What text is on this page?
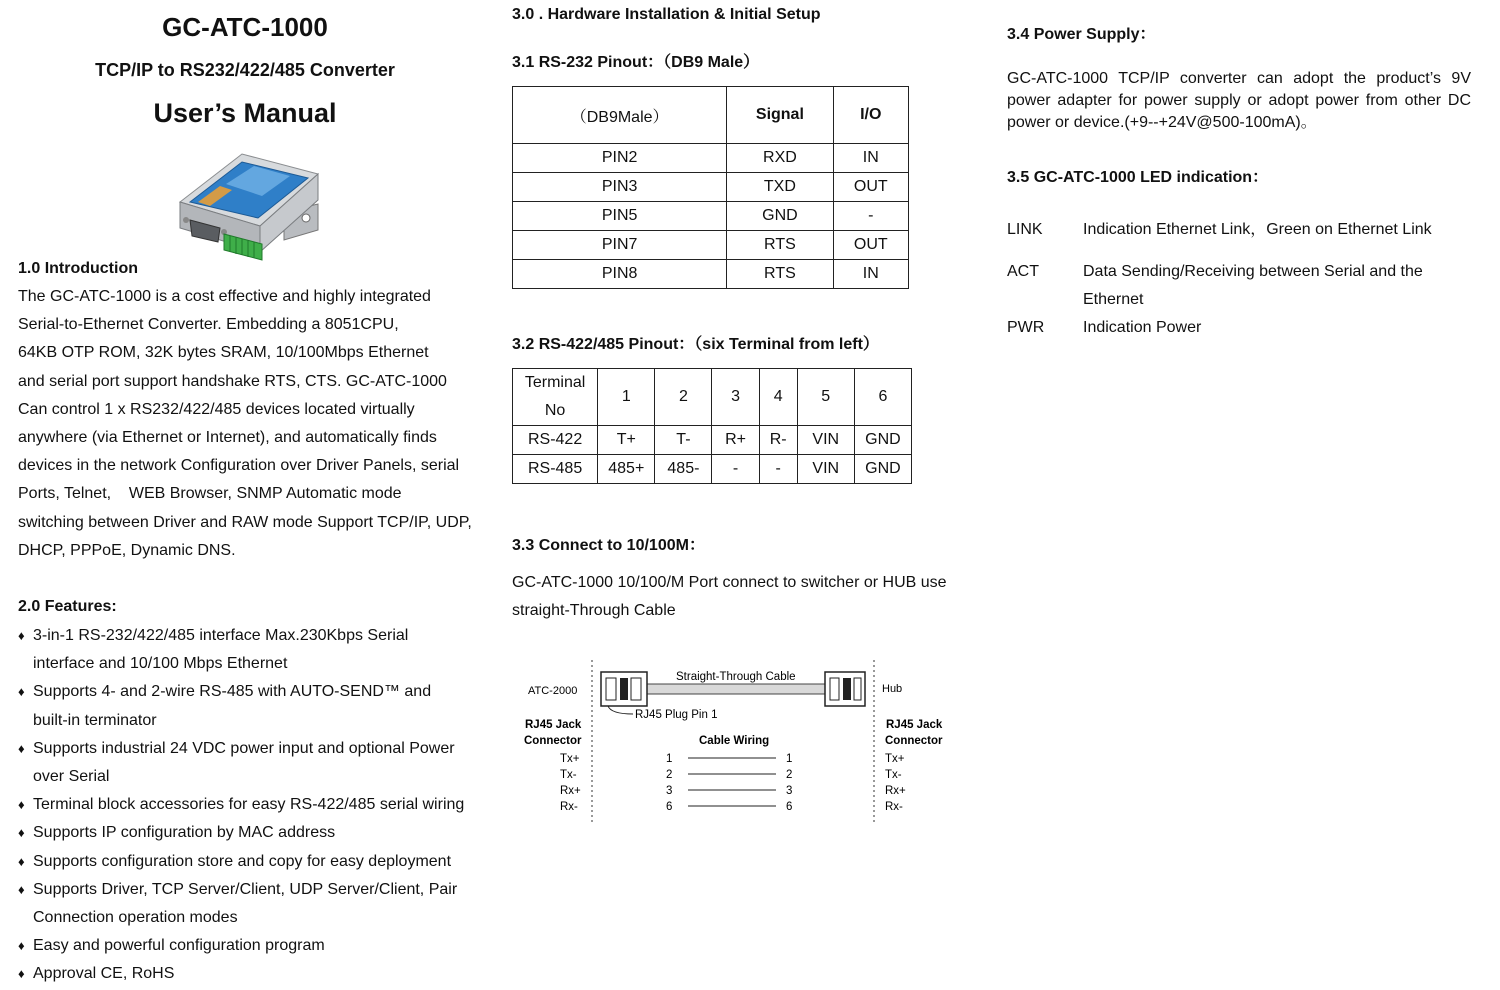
GC-ATC-1000
TCP/IP to RS232/422/485 Converter
User’s Manual
1.0 Introduction
The GC-ATC-1000 is a cost effective and highly integrated
Serial-to-Ethernet Converter. Embedding a 8051CPU,
64KB OTP ROM, 32K bytes SRAM, 10/100Mbps Ethernet
and serial port support handshake RTS, CTS. GC-ATC-1000
Can control 1 x RS232/422/485 devices located virtually
anywhere (via Ethernet or Internet), and automatically finds
devices in the network Configuration over Driver Panels, serial
Ports, Telnet,    WEB Browser, SNMP Automatic mode
switching between Driver and RAW mode Support TCP/IP, UDP,
DHCP, PPPoE, Dynamic DNS.
2.0 Features:
♦ 3-in-1 RS-232/422/485 interface Max.230Kbps Serial
interface and 10/100 Mbps Ethernet
♦ Supports 4- and 2-wire RS-485 with AUTO-SEND™ and
built-in terminator
♦ Supports industrial 24 VDC power input and optional Power
over Serial
♦ Terminal block accessories for easy RS-422/485 serial wiring
♦ Supports IP configuration by MAC address
♦ Supports configuration store and copy for easy deployment
♦ Supports Driver, TCP Server/Client, UDP Server/Client, Pair
Connection operation modes
♦ Easy and powerful configuration program
♦ Approval CE, RoHS
3.0 . Hardware Installation & Initial Setup
3.1 RS-232 Pinout：（DB9 Male）
（DB9Male）	Signal	I/O
PIN2	RXD	IN
PIN3	TXD	OUT
PIN5	GND	-
PIN7	RTS	OUT
PIN8	RTS	IN
3.2 RS-422/485 Pinout：（six Terminal from left）
Terminal
No	1	2	3	4	5	6
RS-422	T+	T-	R+	R-	VIN	GND
RS-485	485+	485-	-	-	VIN	GND
3.3 Connect to 10/100M：
GC-ATC-1000 10/100/M Port connect to switcher or HUB use
straight-Through Cable
ATC-2000	Hub
Straight-Through Cable
RJ45 Plug Pin 1
RJ45 Jack
Connector
RJ45 Jack
Connector
Cable Wiring
Tx+
Tx-
Rx+
Rx-
1
2
3
6
1
2
3
6
Tx+
Tx-
Rx+
Rx-
3.4 Power Supply：
GC-ATC-1000 TCP/IP converter can adopt the product’s 9V
power adapter for power supply or adopt power from other DC
power or device.(+9--+24V@500-100mA)。
3.5 GC-ATC-1000 LED indication：
LINK	Indication Ethernet Link，Green on Ethernet Link
ACT	Data Sending/Receiving between Serial and the
Ethernet
PWR Indication Power
